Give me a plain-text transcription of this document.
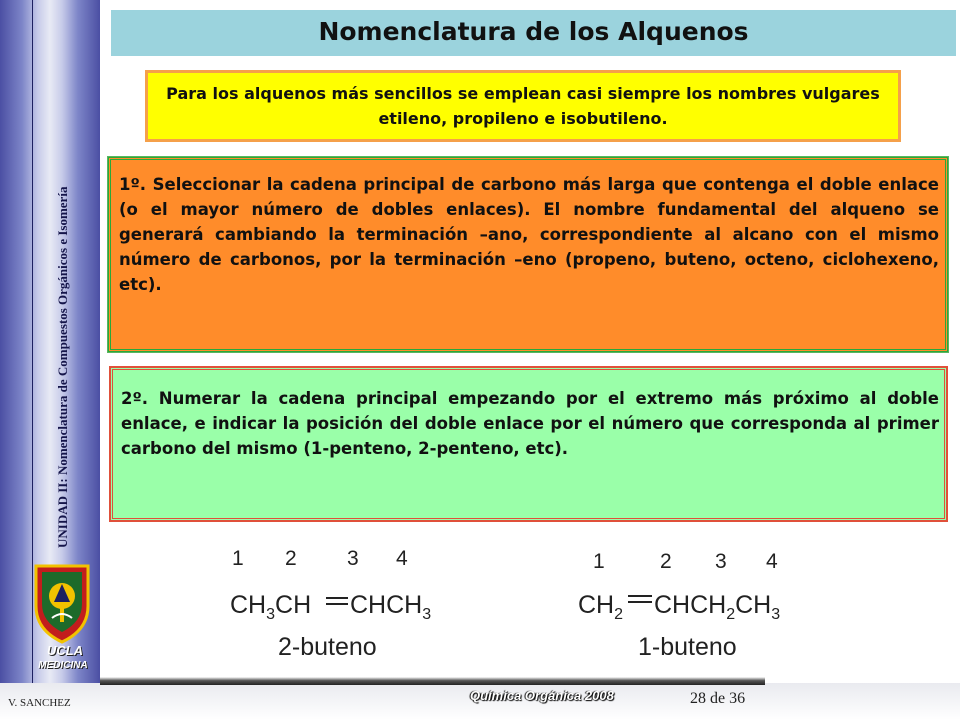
UNIDAD II: Nomenclatura de Compuestos Orgánicos e Isomería
UCLA
MEDICINA
Nomenclatura de los Alquenos
Para los alquenos más sencillos se emplean casi siempre los nombres vulgares etileno, propileno e isobutileno.
1º. Seleccionar la cadena principal de carbono más larga que contenga el doble enlace (o el mayor número de dobles enlaces). El nombre fundamental del alqueno se generará cambiando la terminación –ano, correspondiente al alcano con el mismo número de carbonos, por la terminación –eno (propeno, buteno, octeno, ciclohexeno, etc).
2º. Numerar la cadena principal empezando por el extremo más próximo al doble enlace, e indicar la posición del doble enlace por el número que corresponda al primer carbono del mismo (1-penteno, 2-penteno, etc).
1 2 3 4
$CH_3CH$ $CHCH_3$
2-buteno
1	2 3 4
$CH_2$ $CHCH_2CH_3$
1-buteno
V. SANCHEZ	Química Orgánica 2008	28 de 36
